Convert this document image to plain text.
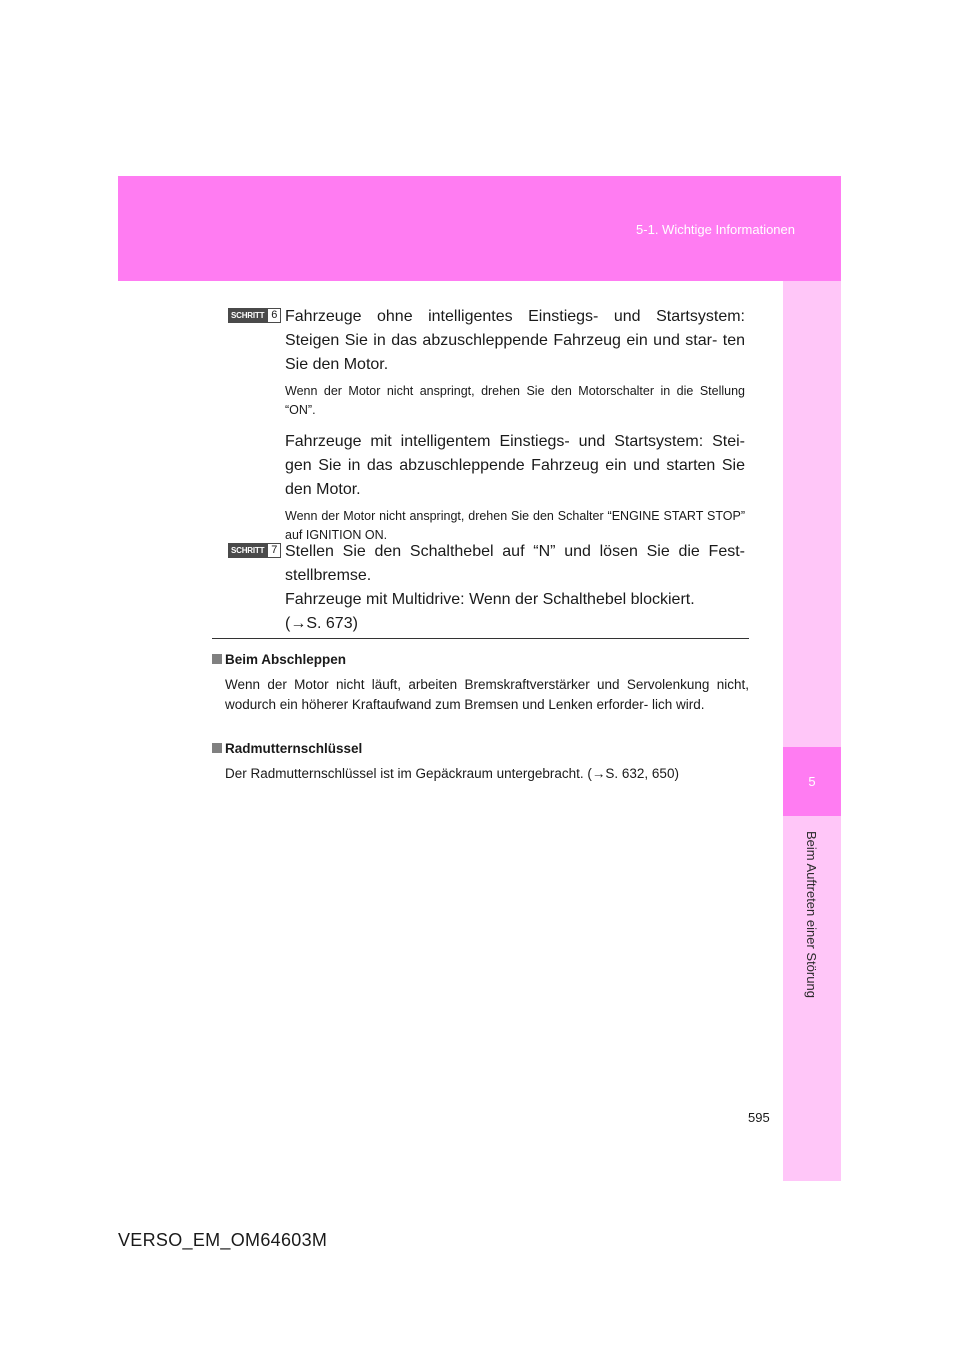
5-1. Wichtige Informationen
5
Beim Auftreten einer Störung
SCHRITT 6 Fahrzeuge ohne intelligentes Einstiegs- und Startsystem: Steigen Sie in das abzuschleppende Fahrzeug ein und star- ten Sie den Motor.
Wenn der Motor nicht anspringt, drehen Sie den Motorschalter in die Stellung “ON”.
Fahrzeuge mit intelligentem Einstiegs- und Startsystem: Stei- gen Sie in das abzuschleppende Fahrzeug ein und starten Sie den Motor.
Wenn der Motor nicht anspringt, drehen Sie den Schalter “ENGINE START STOP” auf IGNITION ON.
SCHRITT 7 Stellen Sie den Schalthebel auf “N” und lösen Sie die Fest- stellbremse.
Fahrzeuge mit Multidrive: Wenn der Schalthebel blockiert.
(→S. 673)
Beim Abschleppen
Wenn der Motor nicht läuft, arbeiten Bremskraftverstärker und Servolenkung nicht, wodurch ein höherer Kraftaufwand zum Bremsen und Lenken erforder- lich wird.
Radmutternschlüssel
Der Radmutternschlüssel ist im Gepäckraum untergebracht. (→S. 632, 650)
595
VERSO_EM_OM64603M
